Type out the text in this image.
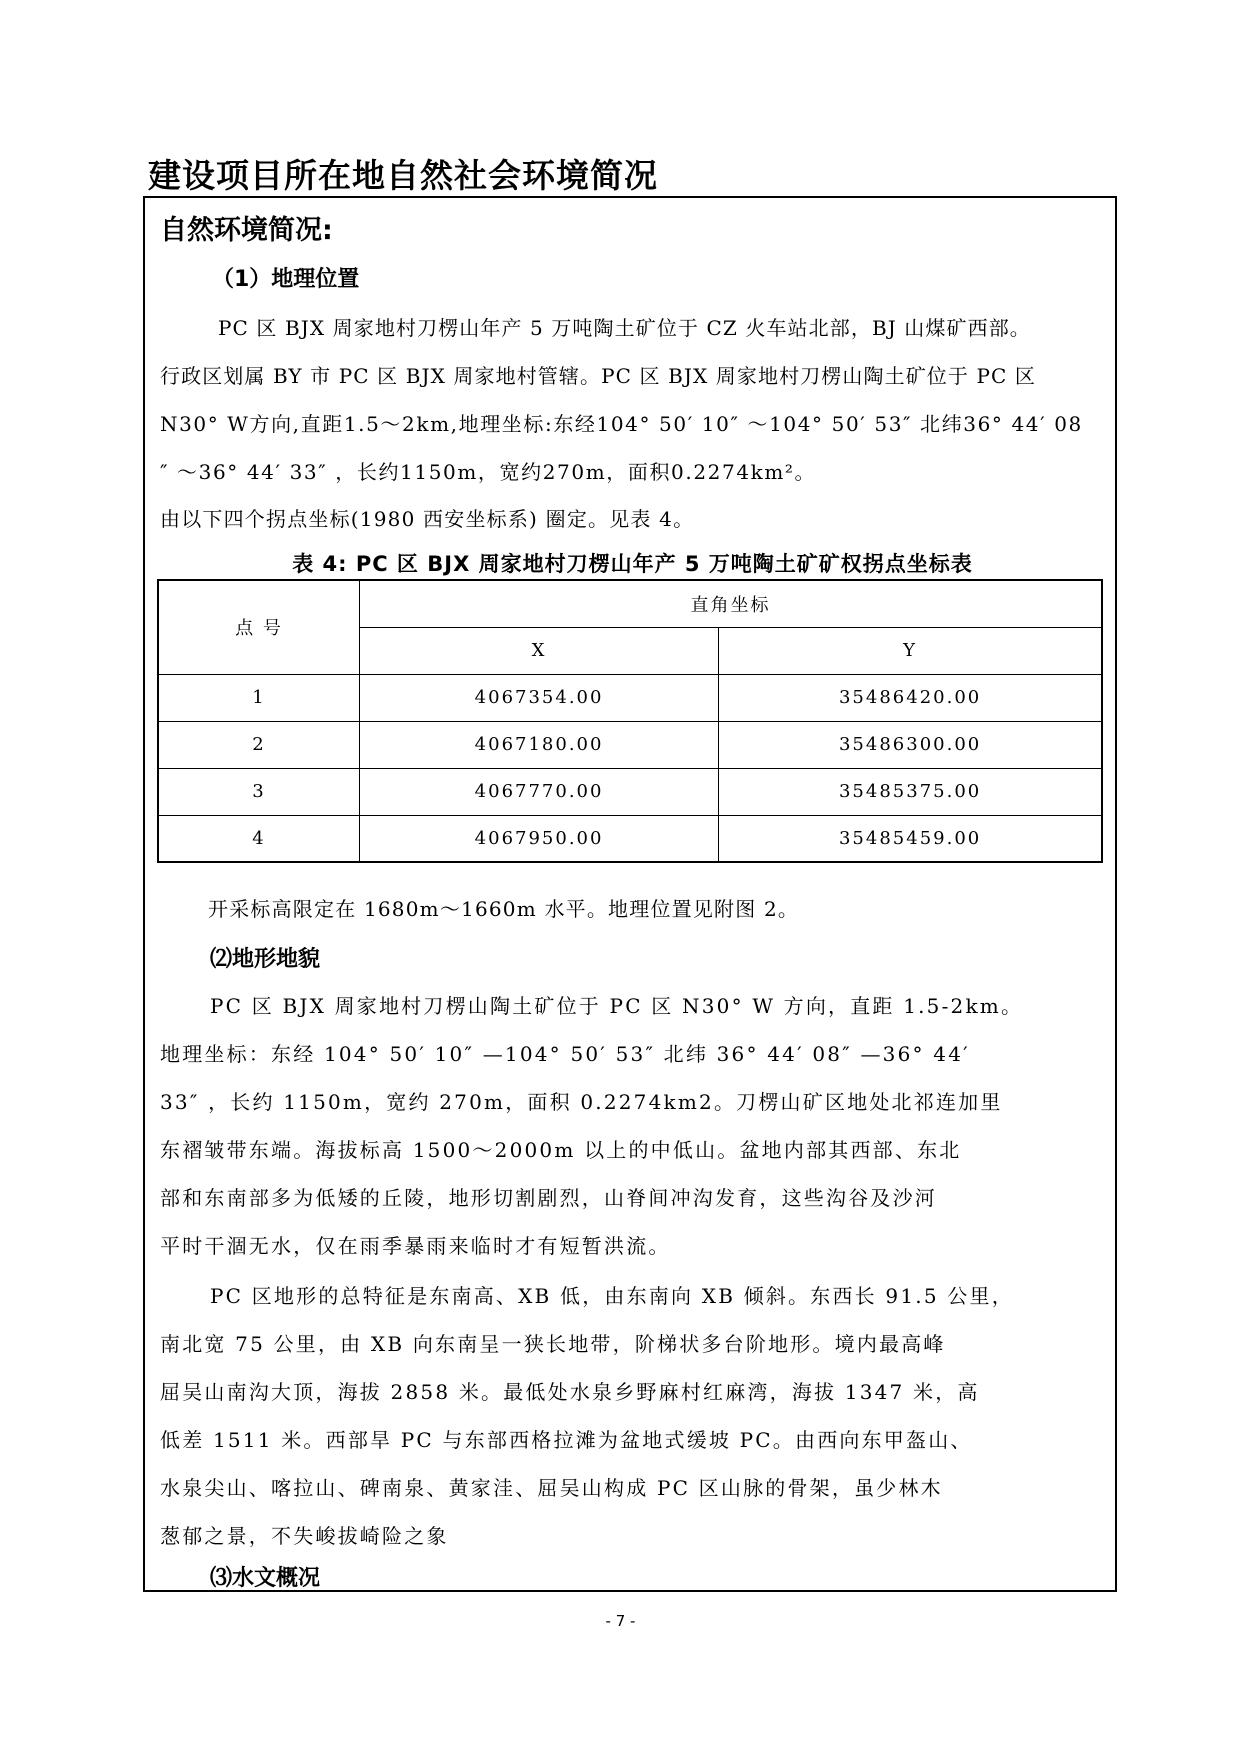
建设项目所在地自然社会环境简况
自然环境简况:
（1）地理位置

PC 区 BJX 周家地村刀楞山年产 5 万吨陶土矿位于 CZ 火车站北部，BJ 山煤矿西部。

行政区划属 BY 市 PC 区 BJX 周家地村管辖。PC 区 BJX 周家地村刀楞山陶土矿位于 PC 区

N30° W方向,直距1.5～2km,地理坐标:东经104° 50′ 10″ ～104° 50′ 53″ 北纬36° 44′ 08

″ ～36° 44′ 33″ ，长约1150m，宽约270m，面积0.2274km²。

由以下四个拐点坐标(1980 西安坐标系) 圈定。见表 4。

表 4: PC 区 BJX 周家地村刀楞山年产 5 万吨陶土矿矿权拐点坐标表
点 号	直角坐标	
	X	Y
1	4067354.00	35486420.00
2	4067180.00	35486300.00
3	4067770.00	35485375.00
4	4067950.00	35485459.00

开采标高限定在 1680m～1660m 水平。地理位置见附图 2。

⑵地形地貌

PC 区 BJX 周家地村刀楞山陶土矿位于 PC 区 N30° W 方向，直距 1.5-2km。

地理坐标：东经 104° 50′ 10″ —104° 50′ 53″ 北纬 36° 44′ 08″ —36° 44′

33″ ，长约 1150m，宽约 270m，面积 0.2274km2。刀楞山矿区地处北祁连加里

东褶皱带东端。海拔标高 1500～2000m 以上的中低山。盆地内部其西部、东北

部和东南部多为低矮的丘陵，地形切割剧烈，山脊间冲沟发育，这些沟谷及沙河

平时干涸无水，仅在雨季暴雨来临时才有短暂洪流。

PC 区地形的总特征是东南高、XB 低，由东南向 XB 倾斜。东西长 91.5 公里，

南北宽 75 公里，由 XB 向东南呈一狭长地带，阶梯状多台阶地形。境内最高峰

屈吴山南沟大顶，海拔 2858 米。最低处水泉乡野麻村红麻湾，海拔 1347 米，高

低差 1511 米。西部旱 PC 与东部西格拉滩为盆地式缓坡 PC。由西向东甲盔山、

水泉尖山、喀拉山、碑南泉、黄家洼、屈吴山构成 PC 区山脉的骨架，虽少林木

葱郁之景，不失峻拔崎险之象

⑶水文概况
- 7 -
